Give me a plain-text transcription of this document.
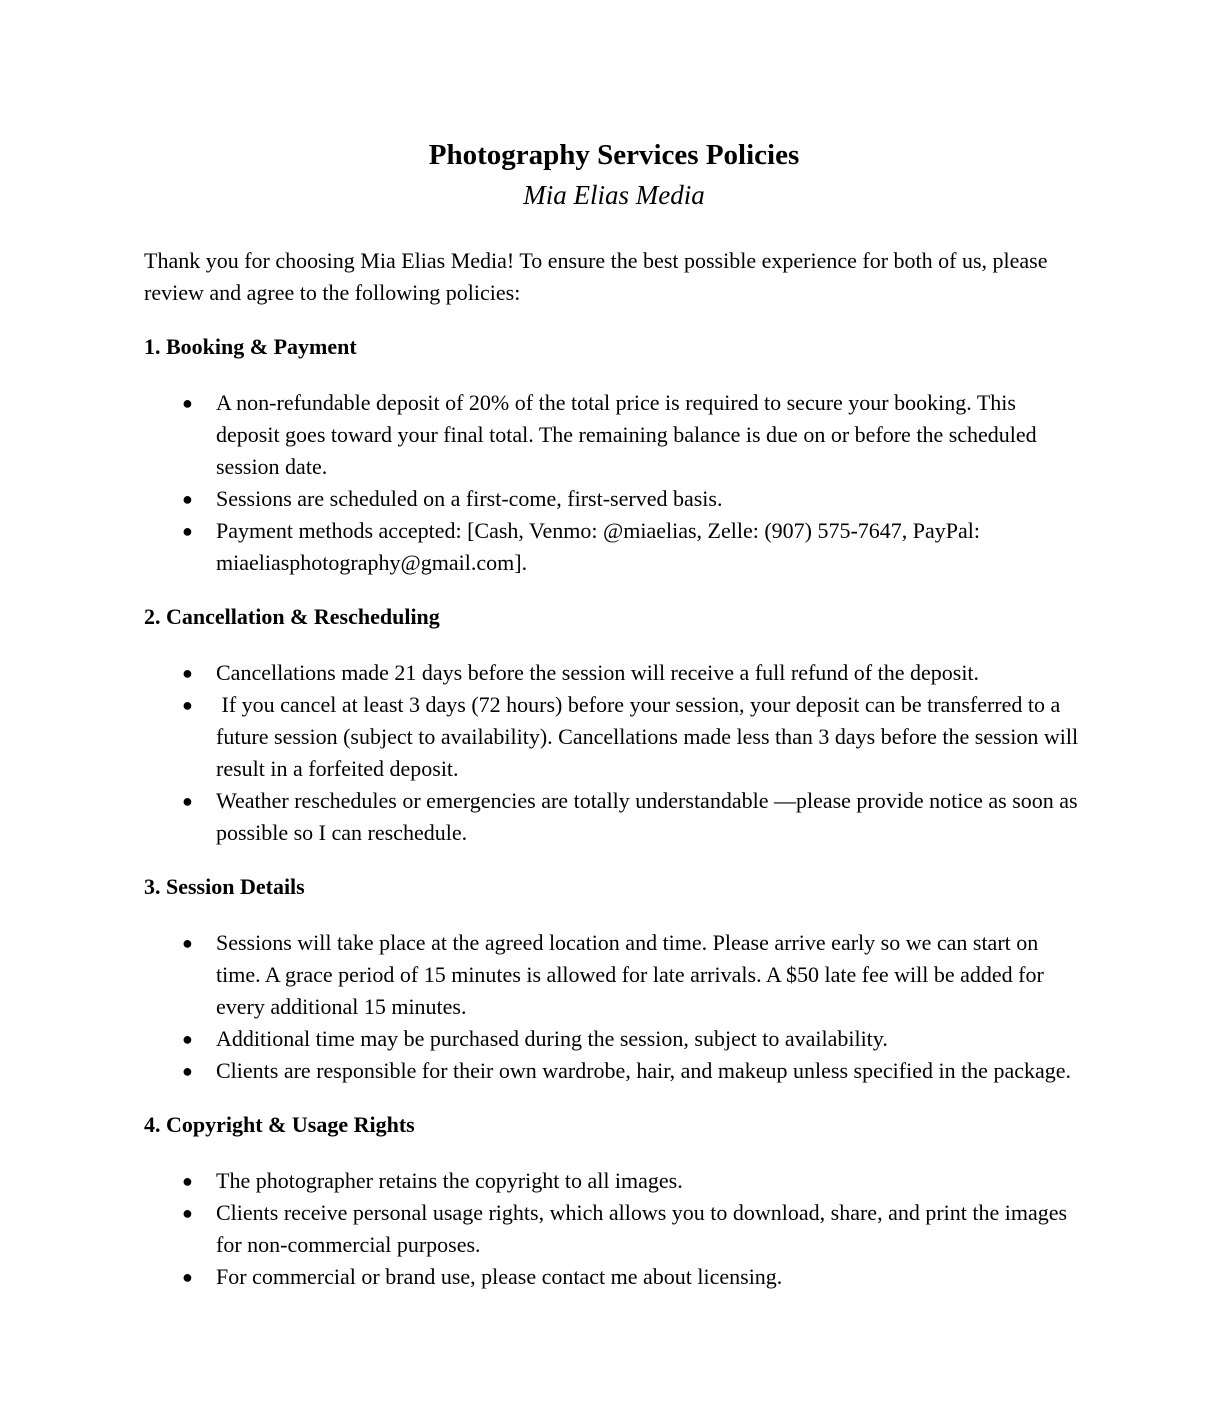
Photography Services Policies
Mia Elias Media

Thank you for choosing Mia Elias Media! To ensure the best possible experience for both of us, please review and agree to the following policies:

1. Booking & Payment
● A non-refundable deposit of 20% of the total price is required to secure your booking. This deposit goes toward your final total. The remaining balance is due on or before the scheduled session date.
● Sessions are scheduled on a first-come, first-served basis.
● Payment methods accepted: [Cash, Venmo: @miaelias, Zelle: (907) 575-7647, PayPal: miaeliasphotography@gmail.com].
2. Cancellation & Rescheduling
● Cancellations made 21 days before the session will receive a full refund of the deposit.
● If you cancel at least 3 days (72 hours) before your session, your deposit can be transferred to a future session (subject to availability). Cancellations made less than 3 days before the session will result in a forfeited deposit.
● Weather reschedules or emergencies are totally understandable —please provide notice as soon as possible so I can reschedule.
3. Session Details
● Sessions will take place at the agreed location and time. Please arrive early so we can start on time. A grace period of 15 minutes is allowed for late arrivals. A $50 late fee will be added for every additional 15 minutes.
● Additional time may be purchased during the session, subject to availability.
● Clients are responsible for their own wardrobe, hair, and makeup unless specified in the package.
4. Copyright & Usage Rights
● The photographer retains the copyright to all images.
● Clients receive personal usage rights, which allows you to download, share, and print the images for non-commercial purposes.
● For commercial or brand use, please contact me about licensing.
